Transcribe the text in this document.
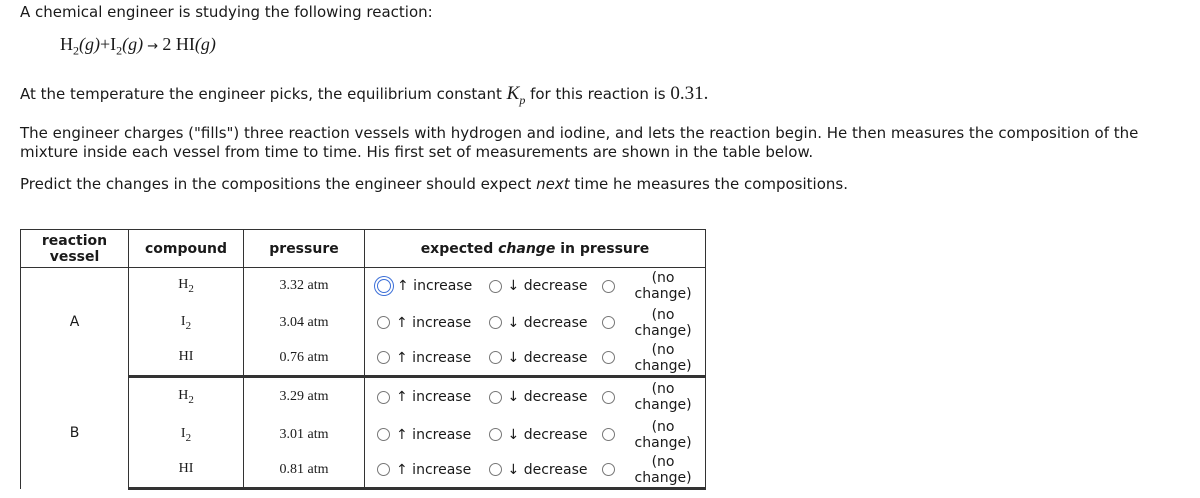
A chemical engineer is studying the following reaction:
$H_2(g)+I_2(g) \to 2$ HI(g)
At the temperature the engineer picks, the equilibrium constant $K_p$ for this reaction is 0.31.
The engineer charges ("fills") three reaction vessels with hydrogen and iodine, and lets the reaction begin. He then measures the composition of the mixture inside each vessel from time to time. His first set of measurements are shown in the table below.
Predict the changes in the compositions the engineer should expect next time he measures the compositions.
reaction
vessel	compound	pressure	expected change in pressure
A	$H_2$	3.32 atm	↑ increase ↓ decrease (no change)

	$I_2$	3.04 atm	↑ increase ↓ decrease (no change)

	HI	0.76 atm	↑ increase ↓ decrease (no change)

B	$H_2$	3.29 atm	↑ increase ↓ decrease (no change)

	$I_2$	3.01 atm	↑ increase ↓ decrease (no change)

	HI	0.81 atm	↑ increase ↓ decrease (no change)
